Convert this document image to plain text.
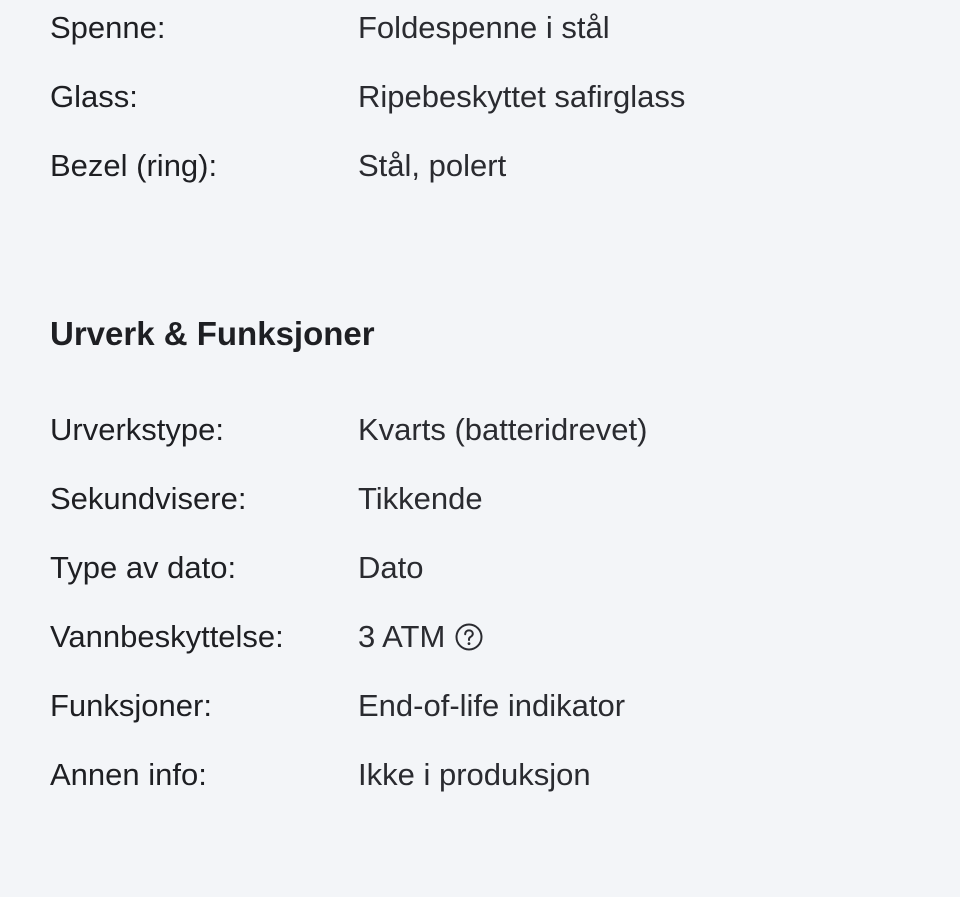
Spenne:	Foldespenne i stål
Glass:	Ripebeskyttet safirglass
Bezel (ring):	Stål, polert
Urverk & Funksjoner
Urverkstype:	Kvarts (batteridrevet)
Sekundvisere:	Tikkende
Type av dato:	Dato
Vannbeskyttelse:	3 ATM
Funksjoner:	End-of-life indikator
Annen info:	Ikke i produksjon
